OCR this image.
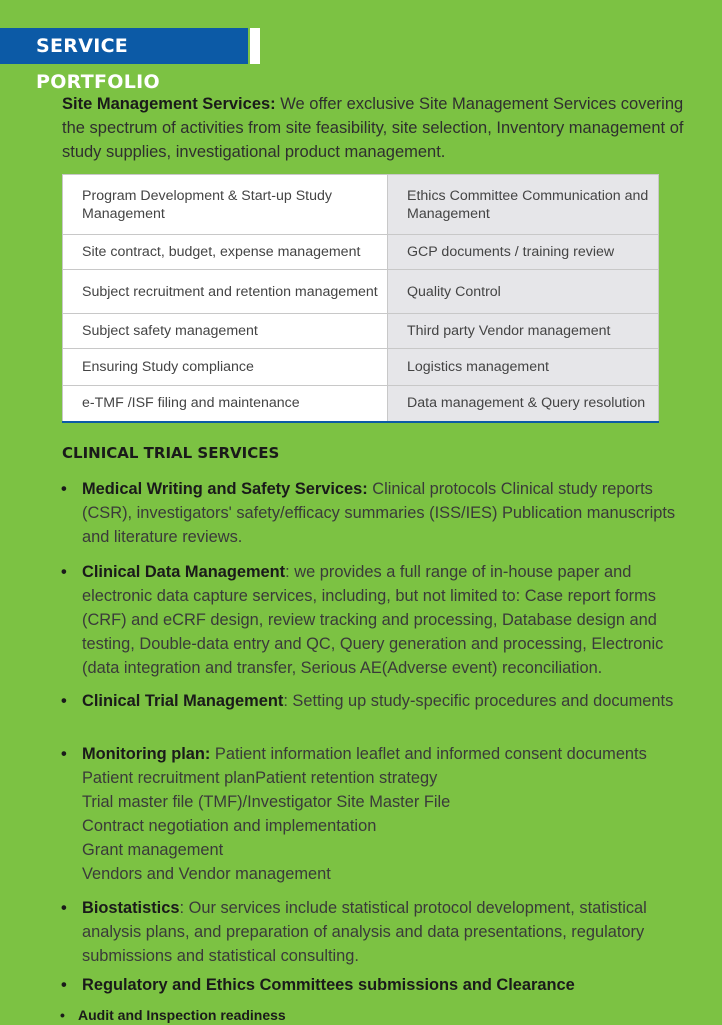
SERVICE PORTFOLIO
Site Management Services: We offer exclusive Site Management Services covering the spectrum of activities from site feasibility, site selection, Inventory management of study supplies, investigational product management.
Program Development & Start-up Study Management	Ethics Committee Communication and Management
Site contract, budget, expense management	GCP documents / training review
Subject recruitment and retention management	Quality Control
Subject safety management	Third party Vendor management
Ensuring Study compliance	Logistics management
e-TMF /ISF filing and maintenance	Data management & Query resolution
CLINICAL TRIAL SERVICES
• Medical Writing and Safety Services: Clinical protocols Clinical study reports (CSR), investigators' safety/efficacy summaries (ISS/IES) Publication manuscripts and literature reviews.
• Clinical Data Management: we provides a full range of in-house paper and electronic data capture services, including, but not limited to: Case report forms (CRF) and eCRF design, review tracking and processing, Database design and testing, Double-data entry and QC, Query generation and processing, Electronic (data integration and transfer, Serious AE(Adverse event) reconciliation.
• Clinical Trial Management: Setting up study-specific procedures and documents
• Monitoring plan: Patient information leaflet and informed consent documents
Patient recruitment planPatient retention strategy
Trial master file (TMF)/Investigator Site Master File
Contract negotiation and implementation
Grant management
Vendors and Vendor management
• Biostatistics: Our services include statistical protocol development, statistical analysis plans, and preparation of analysis and data presentations, regulatory submissions and statistical consulting.
• Regulatory and Ethics Committees submissions and Clearance
• Audit and Inspection readiness
